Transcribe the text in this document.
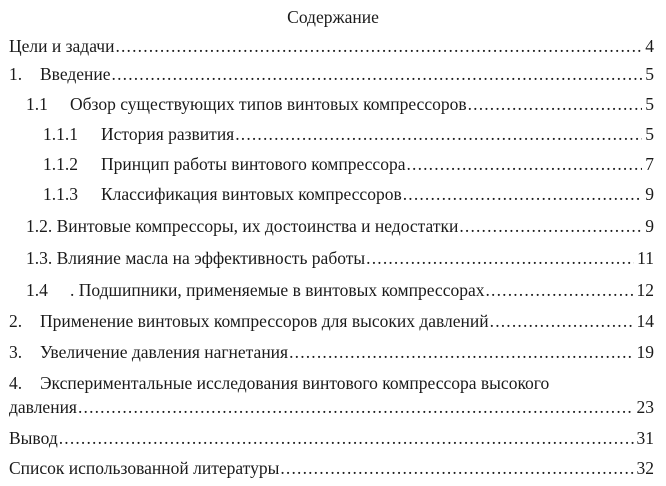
Содержание
Цели и задачи . . .	4
1.	Введение . . .	5
1.1	Обзор существующих типов винтовых компрессоров . . .	5
1.1.1	История развития . . .	5
1.1.2	Принцип работы винтового компрессора . . .	7
1.1.3	Классификация винтовых компрессоров . . .	9
1.2. Винтовые компрессоры, их достоинства и недостатки . . .	9
1.3. Влияние масла на эффективность работы . . .	11
1.4	. Подшипники, применяемые в винтовых компрессорах . . .	12
2.	Применение винтовых компрессоров для высоких давлений . . .	14
3.	Увеличение давления нагнетания . . .	19
4. Экспериментальные исследования винтового компрессора высокого
давления . . .	23
Вывод . . .	31
Список использованной литературы . . .	32
